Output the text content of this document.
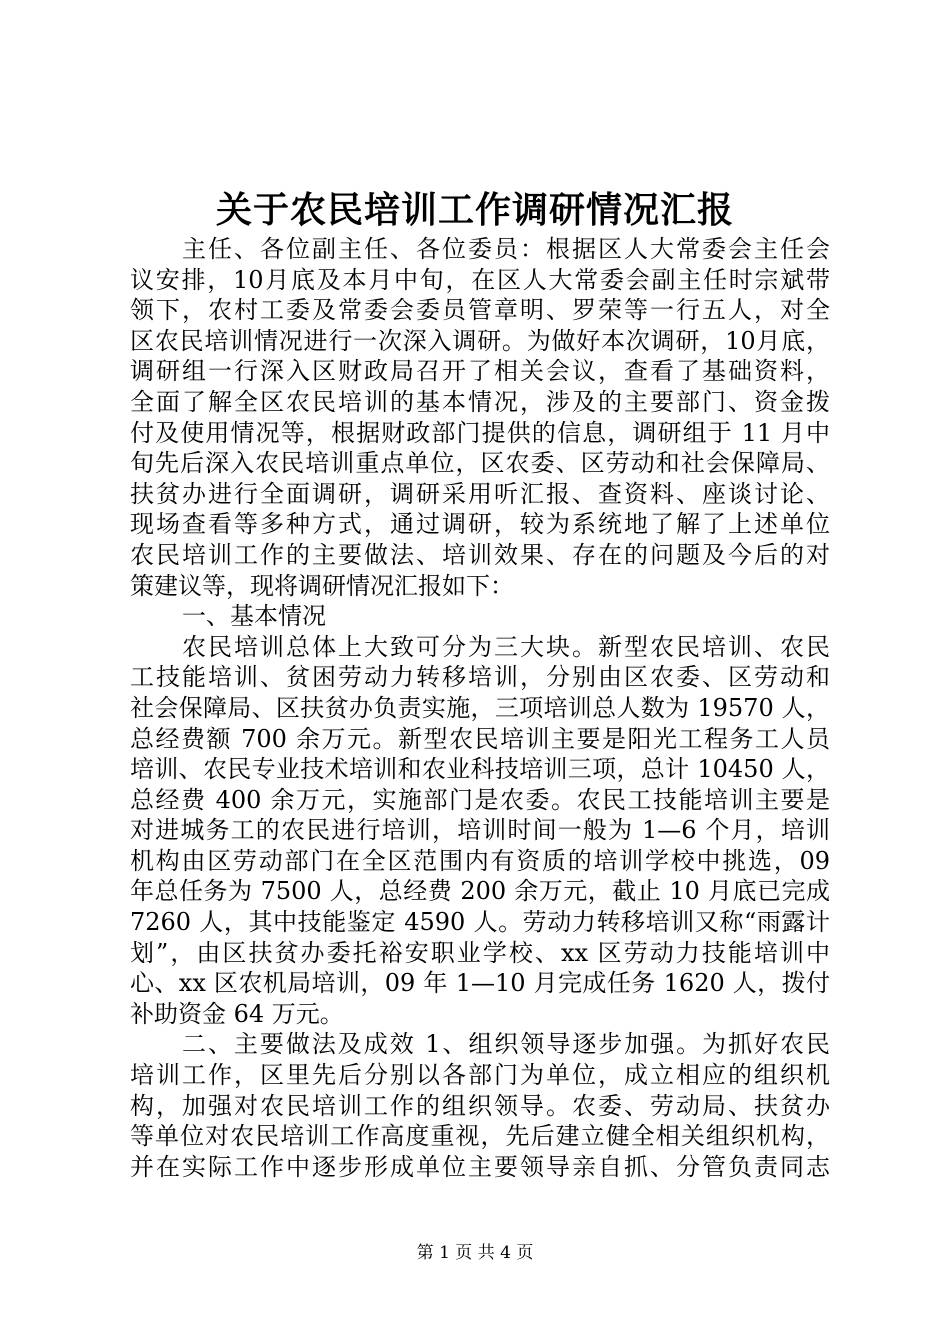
关于农民培训工作调研情况汇报
主任、各位副主任、各位委员：根据区人大常委会主任会
议安排，10月底及本月中旬，在区人大常委会副主任时宗斌带
领下，农村工委及常委会委员管章明、罗荣等一行五人，对全
区农民培训情况进行一次深入调研。为做好本次调研，10月底，
调研组一行深入区财政局召开了相关会议，查看了基础资料，
全面了解全区农民培训的基本情况，涉及的主要部门、资金拨
付及使用情况等，根据财政部门提供的信息，调研组于 11 月中
旬先后深入农民培训重点单位，区农委、区劳动和社会保障局、
扶贫办进行全面调研，调研采用听汇报、查资料、座谈讨论、
现场查看等多种方式，通过调研，较为系统地了解了上述单位
农民培训工作的主要做法、培训效果、存在的问题及今后的对
策建议等，现将调研情况汇报如下：
一、基本情况
农民培训总体上大致可分为三大块。新型农民培训、农民
工技能培训、贫困劳动力转移培训，分别由区农委、区劳动和
社会保障局、区扶贫办负责实施，三项培训总人数为 19570 人，
总经费额 700 余万元。新型农民培训主要是阳光工程务工人员
培训、农民专业技术培训和农业科技培训三项，总计 10450 人，
总经费 400 余万元，实施部门是农委。农民工技能培训主要是
对进城务工的农民进行培训，培训时间一般为 1—6 个月，培训
机构由区劳动部门在全区范围内有资质的培训学校中挑选，09
年总任务为 7500 人，总经费 200 余万元，截止 10 月底已完成
7260 人，其中技能鉴定 4590 人。劳动力转移培训又称“雨露计
划”，由区扶贫办委托裕安职业学校、xx 区劳动力技能培训中
心、xx 区农机局培训，09 年 1—10 月完成任务 1620 人，拨付
补助资金 64 万元。
二、主要做法及成效 1、组织领导逐步加强。为抓好农民
培训工作，区里先后分别以各部门为单位，成立相应的组织机
构，加强对农民培训工作的组织领导。农委、劳动局、扶贫办
等单位对农民培训工作高度重视，先后建立健全相关组织机构，
并在实际工作中逐步形成单位主要领导亲自抓、分管负责同志
第 1 页 共 4 页
